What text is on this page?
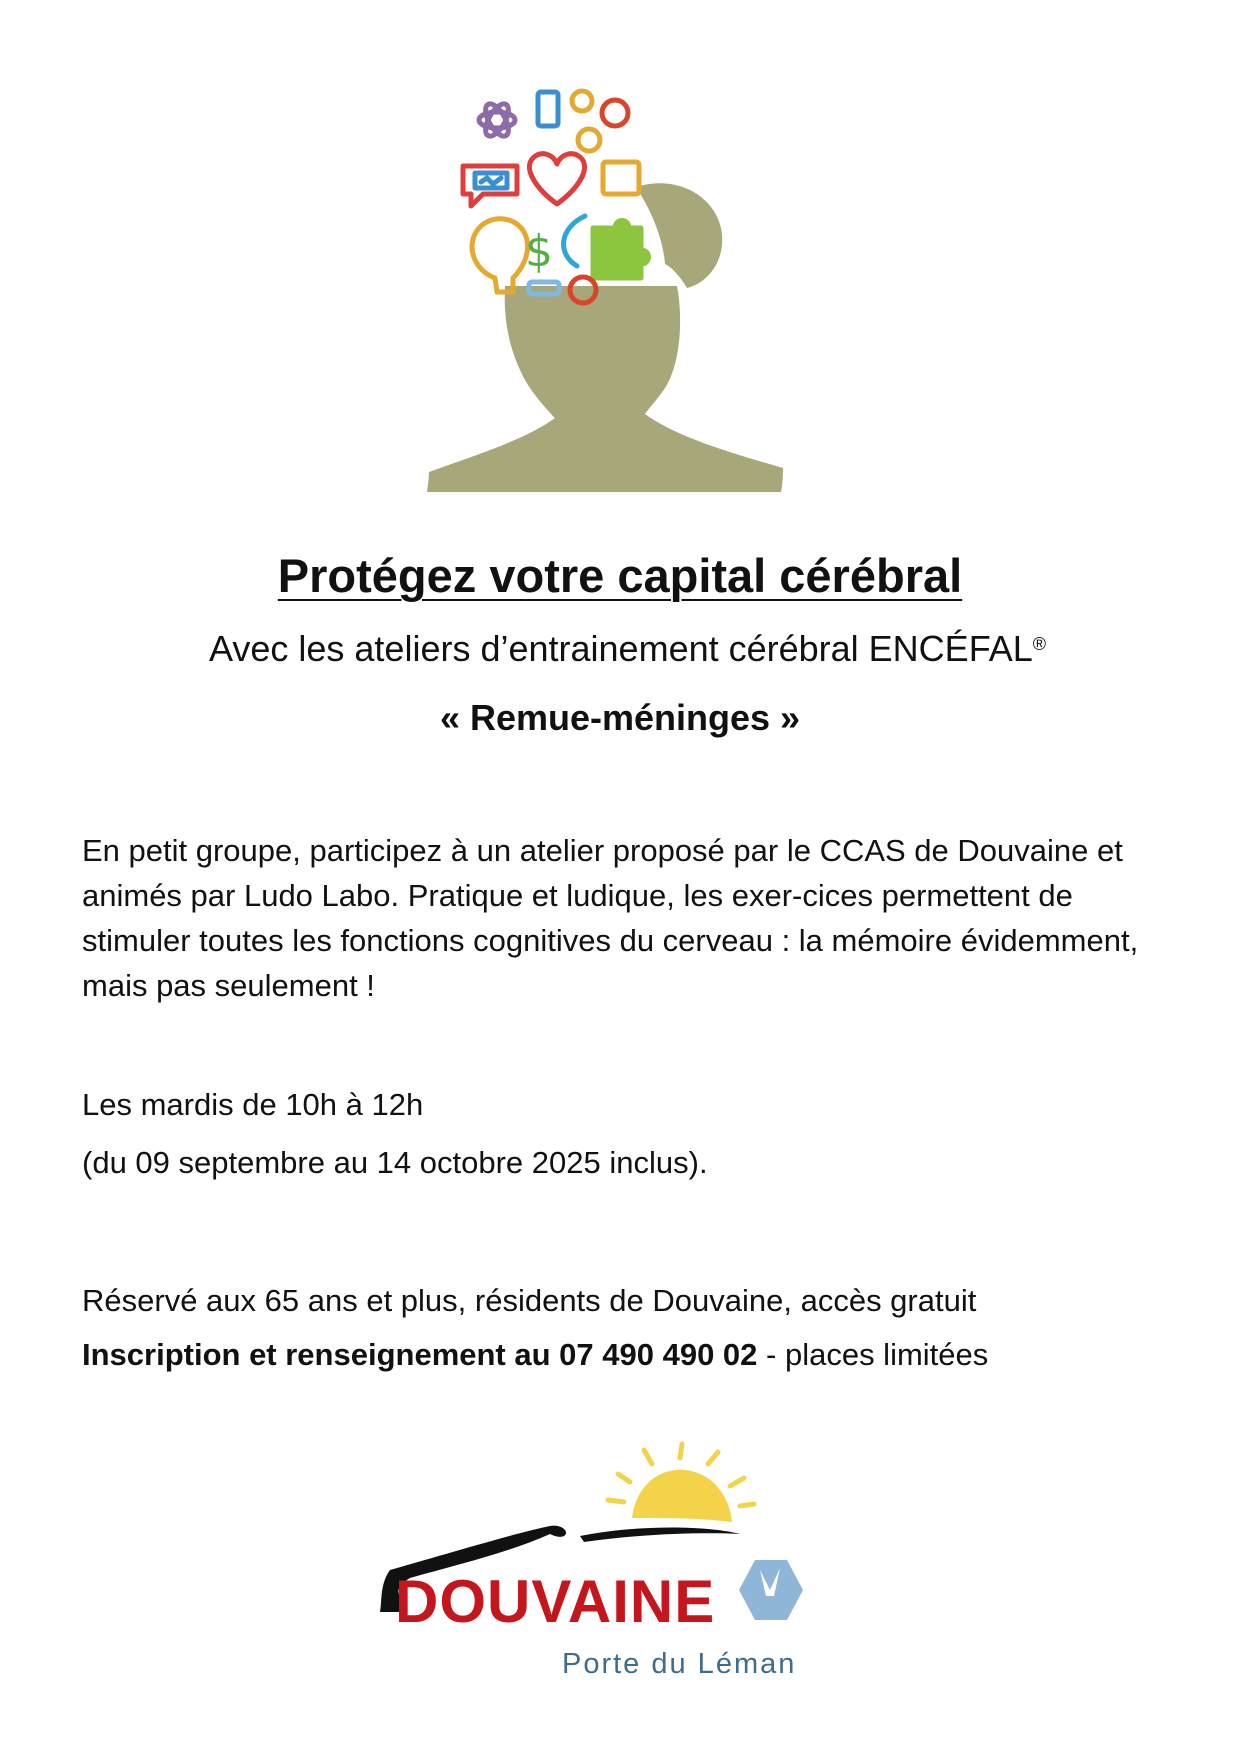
$
Protégez votre capital cérébral

Avec les ateliers d’entrainement cérébral ENCÉFAL®

« Remue-méninges »

En petit groupe, participez à un atelier proposé par le CCAS de Douvaine et animés par Ludo Labo. Pratique et ludique, les exer-cices permettent de stimuler toutes les fonctions cognitives du cerveau : la mémoire évidemment, mais pas seulement !

Les mardis de 10h à 12h

(du 09 septembre au 14 octobre 2025 inclus).

Réservé aux 65 ans et plus, résidents de Douvaine, accès gratuit

Inscription et renseignement au 07 490 490 02 - places limitées

DOUVAINE
Porte du Léman
